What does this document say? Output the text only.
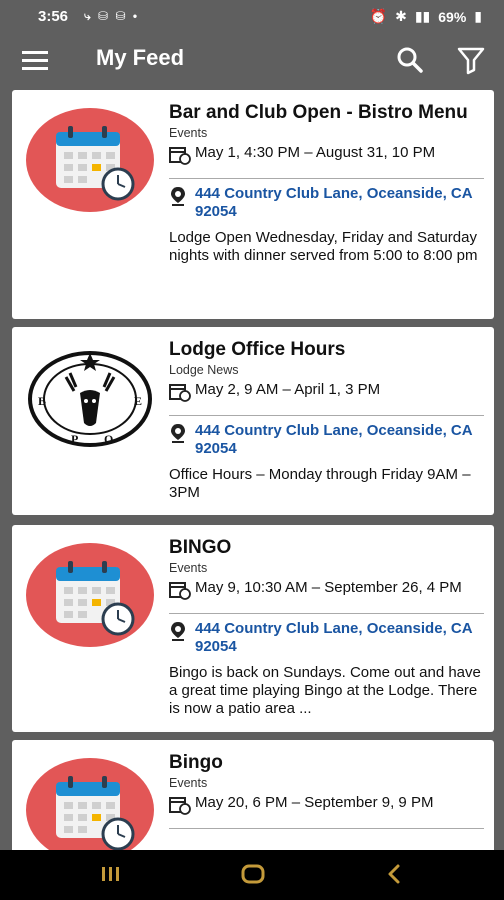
3:56 ⤷ ⛁ ⛁ •	⏰ ✱ ▮▮ 69% ▮
My Feed
Bar and Club Open - Bistro Menu
Events
May 1, 4:30 PM – August 31, 10 PM
444 Country Club Lane, Oceanside, CA 92054
Lodge Open Wednesday, Friday and Saturday nights with dinner served from 5:00 to 8:00 pm
B
P O
E
Lodge Office Hours
Lodge News
May 2, 9 AM – April 1, 3 PM
444 Country Club Lane, Oceanside, CA 92054
Office Hours – Monday through Friday 9AM – 3PM
BINGO
Events
May 9, 10:30 AM – September 26, 4 PM
444 Country Club Lane, Oceanside, CA 92054
Bingo is back on Sundays. Come out and have a great time playing Bingo at the Lodge. There is now a patio area ...
Bingo
Events
May 20, 6 PM – September 9, 9 PM
